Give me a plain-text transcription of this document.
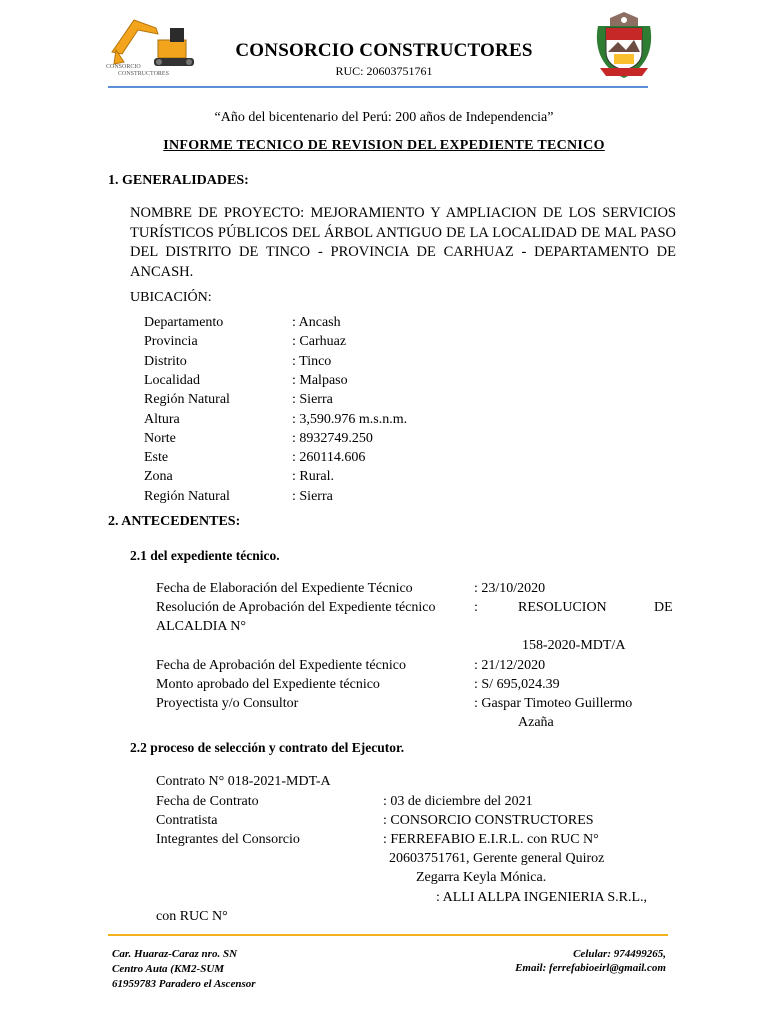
CONSORCIO
CONSTRUCTORES
CONSORCIO CONSTRUCTORES
RUC: 20603751761
“Año del bicentenario del Perú: 200 años de Independencia”
INFORME TECNICO DE REVISION DEL EXPEDIENTE TECNICO
1. GENERALIDADES:
NOMBRE DE PROYECTO: MEJORAMIENTO Y AMPLIACION DE LOS SERVICIOS TURÍSTICOS PÚBLICOS DEL ÁRBOL ANTIGUO DE LA LOCALIDAD DE MAL PASO DEL DISTRITO DE TINCO - PROVINCIA DE CARHUAZ - DEPARTAMENTO DE ANCASH.
UBICACIÓN:
Departamento	: Ancash
Provincia	: Carhuaz
Distrito	: Tinco
Localidad	: Malpaso
Región Natural	: Sierra
Altura	: 3,590.976 m.s.n.m.
Norte	: 8932749.250
Este	: 260114.606
Zona	: Rural.
Región Natural	: Sierra
2. ANTECEDENTES:
2.1 del expediente técnico.
Fecha de Elaboración del Expediente Técnico	: 23/10/2020
Resolución de Aprobación del Expediente técnico	:	RESOLUCION	DE
ALCALDIA N°
158-2020-MDT/A
Fecha de Aprobación del Expediente técnico	: 21/12/2020
Monto aprobado del Expediente técnico	: S/ 695,024.39
Proyectista y/o Consultor	: Gaspar Timoteo Guillermo
Azaña
2.2 proceso de selección y contrato del Ejecutor.
Contrato N° 018-2021-MDT-A
Fecha de Contrato	: 03 de diciembre del 2021
Contratista	: CONSORCIO CONSTRUCTORES
Integrantes del Consorcio	: FERREFABIO E.I.R.L. con RUC N°
20603751761, Gerente general Quiroz
Zegarra Keyla Mónica.
: ALLI ALLPA INGENIERIA S.R.L.,
con RUC N°
Car. Huaraz-Caraz nro. SN
Centro Auta (KM2-SUM
61959783 Paradero el Ascensor
Celular: 974499265,
Email: ferrefabioeirl@gmail.com
